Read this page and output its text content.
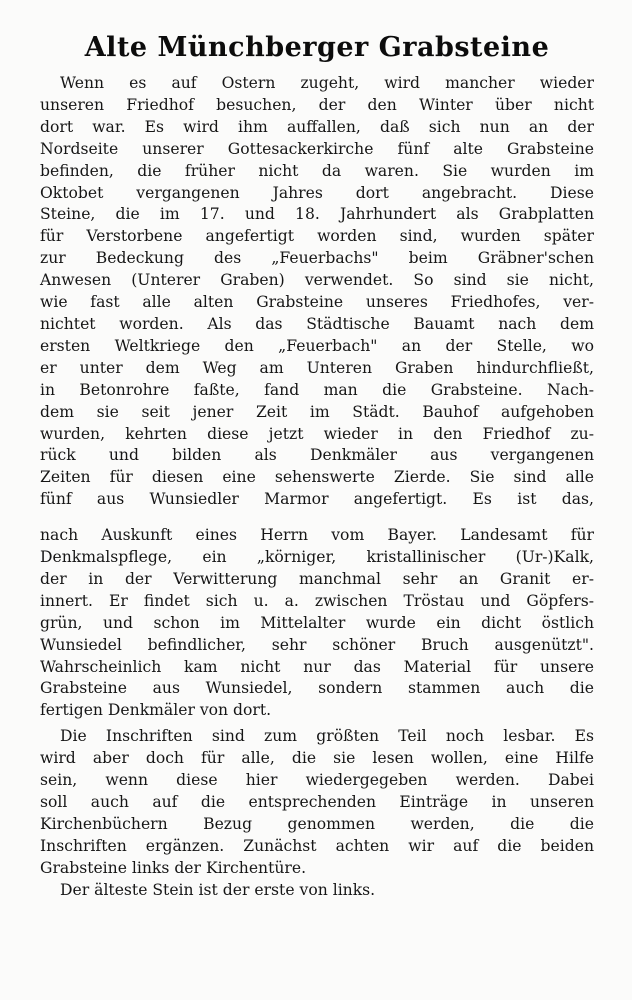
Alte Münchberger Grabsteine
Wenn es auf Ostern zugeht, wird mancher wieder
unseren Friedhof besuchen, der den Winter über nicht
dort war. Es wird ihm auffallen, daß sich nun an der
Nordseite unserer Gottesackerkirche fünf alte Grabsteine
befinden, die früher nicht da waren. Sie wurden im
Oktobet vergangenen Jahres dort angebracht. Diese
Steine, die im 17. und 18. Jahrhundert als Grabplatten
für Verstorbene angefertigt worden sind, wurden später
zur Bedeckung des „Feuerbachs" beim Gräbner'schen
Anwesen (Unterer Graben) verwendet. So sind sie nicht,
wie fast alle alten Grabsteine unseres Friedhofes, ver-
nichtet worden. Als das Städtische Bauamt nach dem
ersten Weltkriege den „Feuerbach" an der Stelle, wo
er unter dem Weg am Unteren Graben hindurchfließt,
in Betonrohre faßte, fand man die Grabsteine. Nach-
dem sie seit jener Zeit im Städt. Bauhof aufgehoben
wurden, kehrten diese jetzt wieder in den Friedhof zu-
rück und bilden als Denkmäler aus vergangenen
Zeiten für diesen eine sehenswerte Zierde. Sie sind alle
fünf aus Wunsiedler Marmor angefertigt. Es ist das,
nach Auskunft eines Herrn vom Bayer. Landesamt für
Denkmalspflege, ein „körniger, kristallinischer (Ur-)Kalk,
der in der Verwitterung manchmal sehr an Granit er-
innert. Er findet sich u. a. zwischen Tröstau und Göpfers-
grün, und schon im Mittelalter wurde ein dicht östlich
Wunsiedel befindlicher, sehr schöner Bruch ausgenützt".
Wahrscheinlich kam nicht nur das Material für unsere
Grabsteine aus Wunsiedel, sondern stammen auch die
fertigen Denkmäler von dort.
Die Inschriften sind zum größten Teil noch lesbar. Es
wird aber doch für alle, die sie lesen wollen, eine Hilfe
sein, wenn diese hier wiedergegeben werden. Dabei
soll auch auf die entsprechenden Einträge in unseren
Kirchenbüchern Bezug genommen werden, die die
Inschriften ergänzen. Zunächst achten wir auf die beiden
Grabsteine links der Kirchentüre.
Der älteste Stein ist der erste von links.
